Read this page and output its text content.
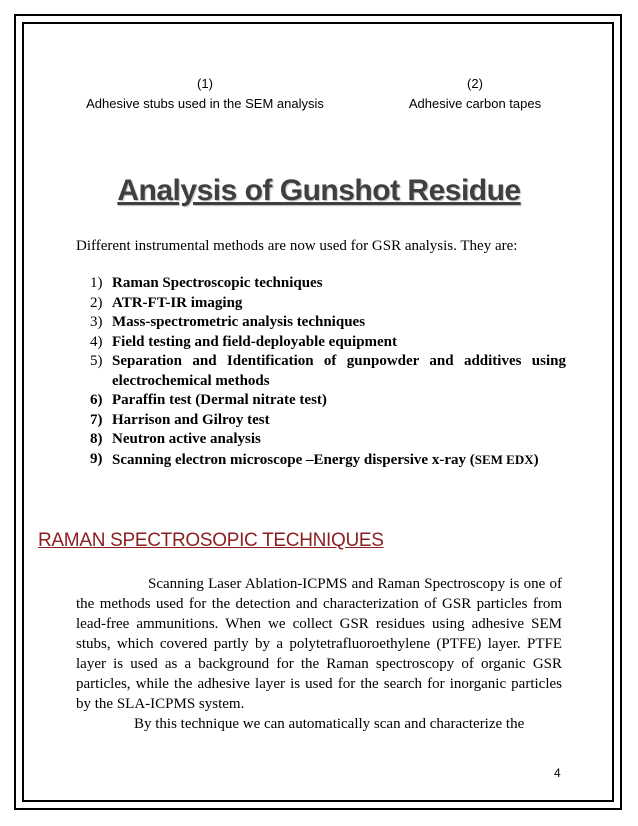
(1)
Adhesive stubs used in the SEM analysis
(2)
Adhesive carbon tapes
Analysis of Gunshot Residue
Different instrumental methods are now used for GSR analysis. They are:
1) Raman Spectroscopic techniques
2) ATR-FT-IR imaging
3) Mass-spectrometric analysis techniques
4) Field testing and field-deployable equipment
5) Separation and Identification of gunpowder and additives using electrochemical methods
6) Paraffin test (Dermal nitrate test)
7) Harrison and Gilroy test
8) Neutron active analysis
9) Scanning electron microscope –Energy dispersive x-ray (SEM EDX)
RAMAN SPECTROSOPIC TECHNIQUES

Scanning Laser Ablation-ICPMS and Raman Spectroscopy is one of the methods used for the detection and characterization of GSR particles from lead-free ammunitions. When we collect GSR residues using adhesive SEM stubs, which covered partly by a polytetrafluoroethylene (PTFE) layer. PTFE layer is used as a background for the Raman spectroscopy of organic GSR particles, while the adhesive layer is used for the search for inorganic particles by the SLA-ICPMS system.

By this technique we can automatically scan and characterize the

4
